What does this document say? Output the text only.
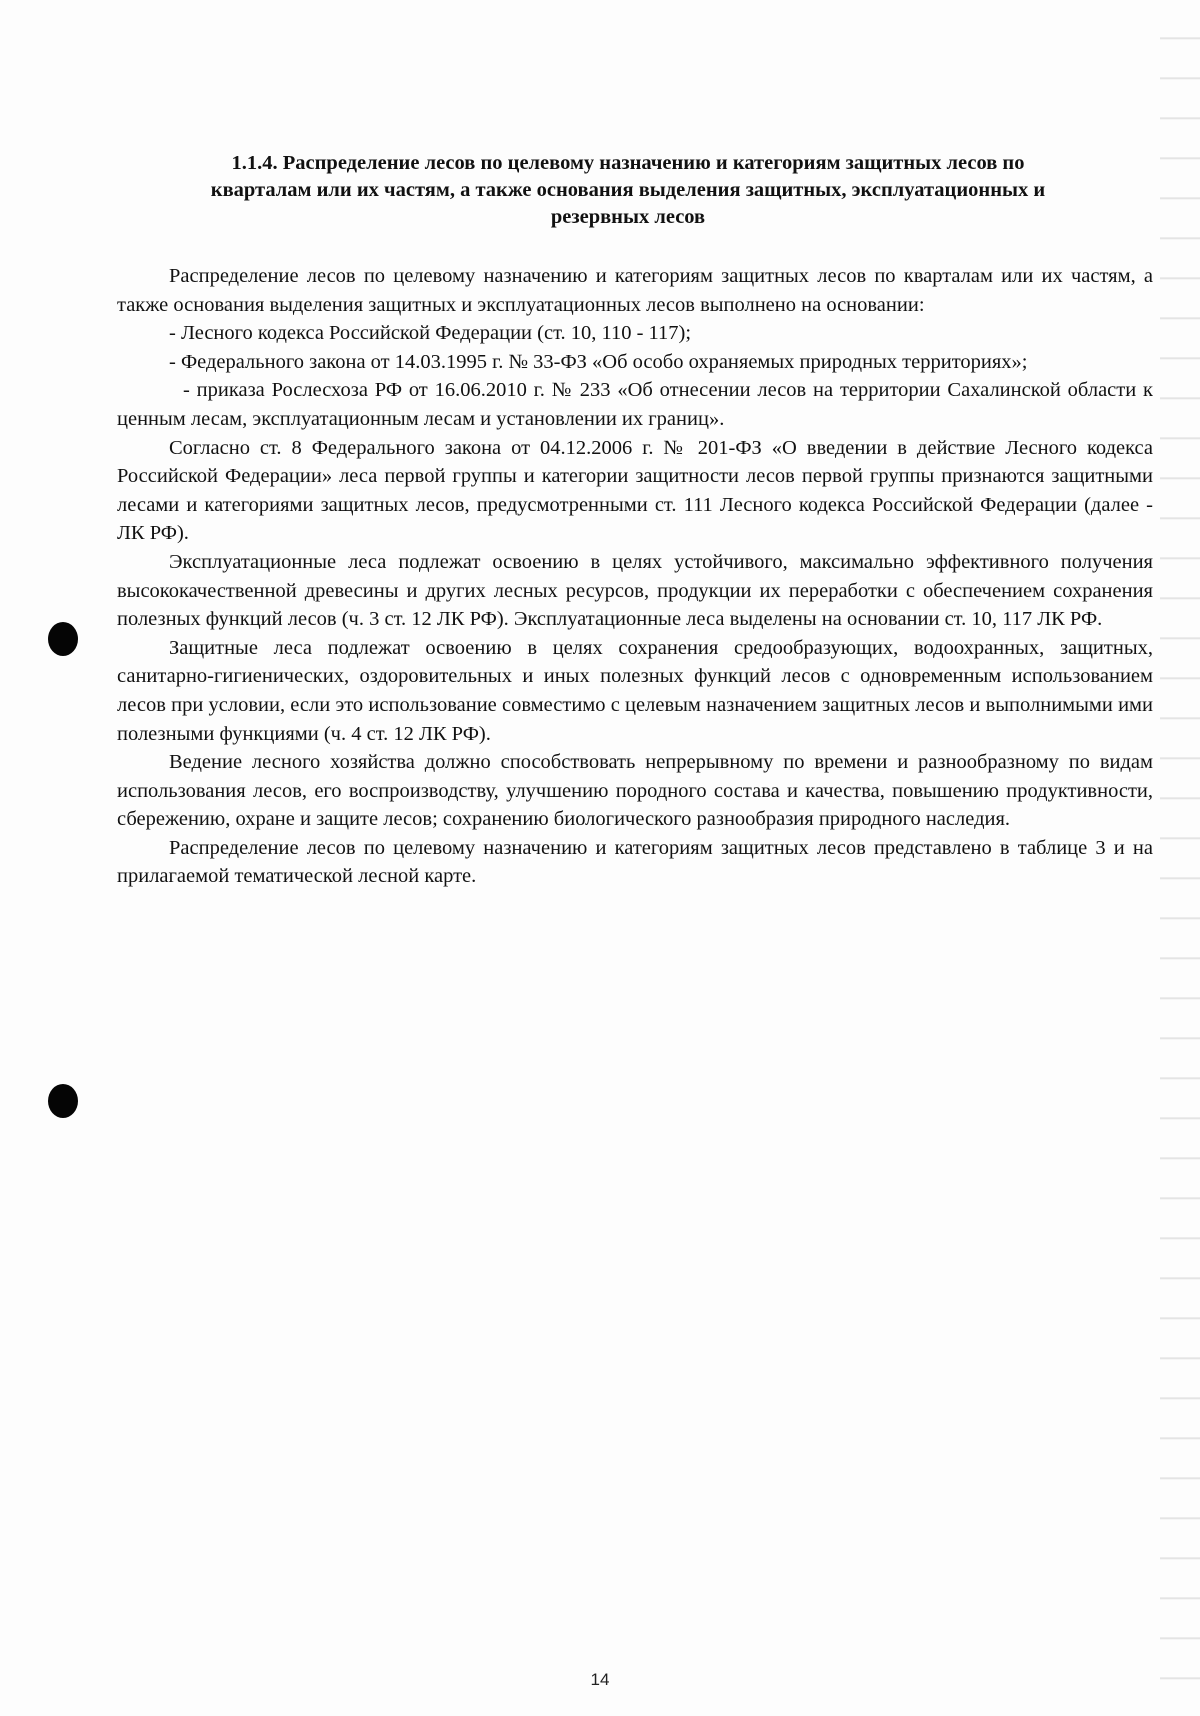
1.1.4. Распределение лесов по целевому назначению и категориям защитных лесов по
кварталам или их частям, а также основания выделения защитных, эксплуатационных и
резервных лесов

Распределение лесов по целевому назначению и категориям защитных лесов по кварталам или их частям, а также основания выделения защитных и эксплуатационных лесов выполнено на основании:

- Лесного кодекса Российской Федерации (ст. 10, 110 - 117);

- Федерального закона от 14.03.1995 г. № 33-ФЗ «Об особо охраняемых природных территориях»;

- приказа Рослесхоза РФ от 16.06.2010 г. № 233 «Об отнесении лесов на территории Сахалинской области к ценным лесам, эксплуатационным лесам и установлении их границ».

Согласно ст. 8 Федерального закона от 04.12.2006 г. № 201-ФЗ «О введении в действие Лесного кодекса Российской Федерации» леса первой группы и категории защитности лесов первой группы признаются защитными лесами и категориями защитных лесов, предусмотренными ст. 111 Лесного кодекса Российской Федерации (далее - ЛК РФ).

Эксплуатационные леса подлежат освоению в целях устойчивого, максимально эффективного получения высококачественной древесины и других лесных ресурсов, продукции их переработки с обеспечением сохранения полезных функций лесов (ч. 3 ст. 12 ЛК РФ). Эксплуатационные леса выделены на основании ст. 10, 117 ЛК РФ.

Защитные леса подлежат освоению в целях сохранения средообразующих, водоохранных, защитных, санитарно-гигиенических, оздоровительных и иных полезных функций лесов с одновременным использованием лесов при условии, если это использование совместимо с целевым назначением защитных лесов и выполнимыми ими полезными функциями (ч. 4 ст. 12 ЛК РФ).

Ведение лесного хозяйства должно способствовать непрерывному по времени и разнообразному по видам использования лесов, его воспроизводству, улучшению породного состава и качества, повышению продуктивности, сбережению, охране и защите лесов; сохранению биологического разнообразия природного наследия.

Распределение лесов по целевому назначению и категориям защитных лесов представлено в таблице 3 и на прилагаемой тематической лесной карте.

14
